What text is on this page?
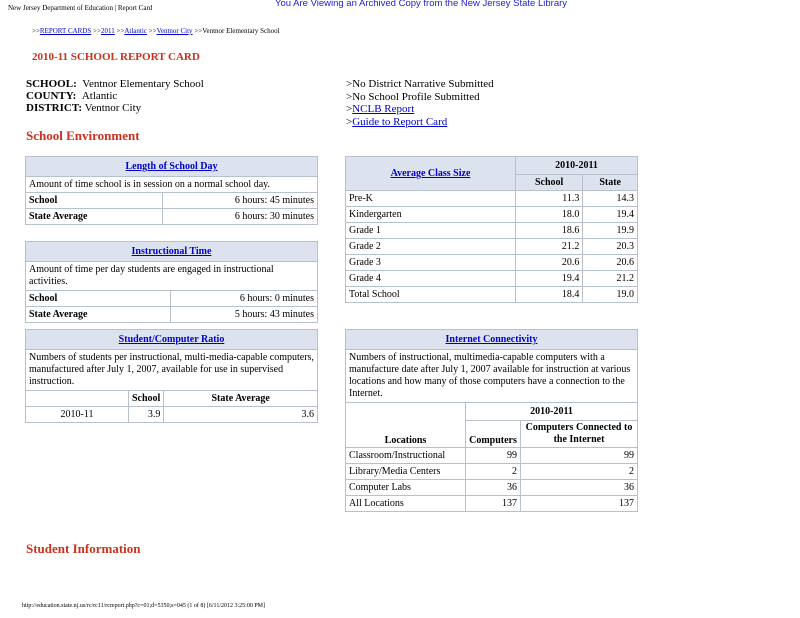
New Jersey Department of Education | Report Card	You Are Viewing an Archived Copy from the New Jersey State Library
>>REPORT CARDS >>2011 >>Atlantic >>Ventnor City >>Ventnor Elementary School
2010-11 SCHOOL REPORT CARD
SCHOOL: Ventnor Elementary School
COUNTY: Atlantic
DISTRICT: Ventnor City
>No District Narrative Submitted
>No School Profile Submitted
>NCLB Report
>Guide to Report Card
School Environment
Length of School Day	
Amount of time school is in session on a normal school day.	
School	6 hours: 45 minutes
State Average	6 hours: 30 minutes
Instructional Time	
Amount of time per day students are engaged in instructional activities.	
School	6 hours: 0 minutes
State Average	5 hours: 43 minutes
Student/Computer Ratio		
Numbers of students per instructional, multi-media-capable computers, manufactured after July 1, 2007, available for use in supervised instruction.		
	School	State Average
2010-11	3.9	3.6
Average Class Size	2010-2011	
	School	State
Pre-K	11.3	14.3
Kindergarten	18.0	19.4
Grade 1	18.6	19.9
Grade 2	21.2	20.3
Grade 3	20.6	20.6
Grade 4	19.4	21.2
Total School	18.4	19.0
Internet Connectivity		
Numbers of instructional, multimedia-capable computers with a manufacture date after July 1, 2007 available for instruction at various locations and how many of those computers have a connection to the Internet.		
Locations	2010-2011	
	Computers	Computers Connected to the Internet
Classroom/Instructional	99	99
Library/Media Centers	2	2
Computer Labs	36	36
All Locations	137	137
Student Information
http://education.state.nj.us/rc/rc11/rcreport.php?c=01;d=5350;s=045 (1 of 8) [6/11/2012 3:25:00 PM]
